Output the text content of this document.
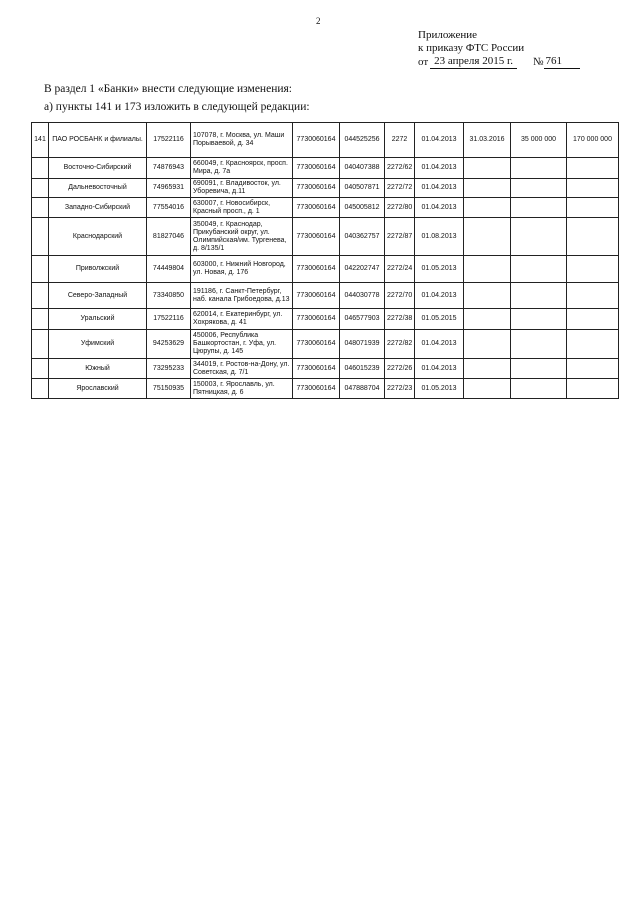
2
Приложение
к приказу ФТС России
от 23 апреля 2015 г.	№ 761
В раздел 1 «Банки» внести следующие изменения:
а) пункты 141 и 173 изложить в следующей редакции:
141	ПАО РОСБАНК и филиалы.	17522116	107078, г. Москва, ул. Маши Порываевой, д. 34	7730060164	044525256	2272	01.04.2013	31.03.2016	35 000 000	170 000 000
	Восточно-Сибирский	74876943	660049, г. Красноярск, просп. Мира, д. 7а	7730060164	040407388	2272/62	01.04.2013			
	Дальневосточный	74965931	690091, г. Владивосток, ул. Уборевича, д.11	7730060164	040507871	2272/72	01.04.2013			
	Западно-Сибирский	77554016	630007, г. Новосибирск, Красный просп., д. 1	7730060164	045005812	2272/80	01.04.2013			
	Краснодарский	81827046	350049, г. Краснодар, Прикубанский округ, ул. Олимпийская/им. Тургенева, д. 8/135/1	7730060164	040362757	2272/87	01.08.2013			
	Приволжский	74449804	603000, г. Нижний Новгород, ул. Новая, д. 176	7730060164	042202747	2272/24	01.05.2013			
	Северо-Западный	73340850	191186, г. Санкт-Петербург, наб. канала Грибоедова, д.13	7730060164	044030778	2272/70	01.04.2013			
	Уральский	17522116	620014, г. Екатеринбург, ул. Хохрякова, д. 41	7730060164	046577903	2272/38	01.05.2015			
	Уфимский	94253629	450006, Республика Башкортостан, г. Уфа, ул. Цюрупы, д. 145	7730060164	048071939	2272/82	01.04.2013			
	Южный	73295233	344019, г. Ростов-на-Дону, ул. Советская, д. 7/1	7730060164	046015239	2272/26	01.04.2013			
	Ярославский	75150935	150003, г. Ярославль, ул. Пятницкая, д. 6	7730060164	047888704	2272/23	01.05.2013			
